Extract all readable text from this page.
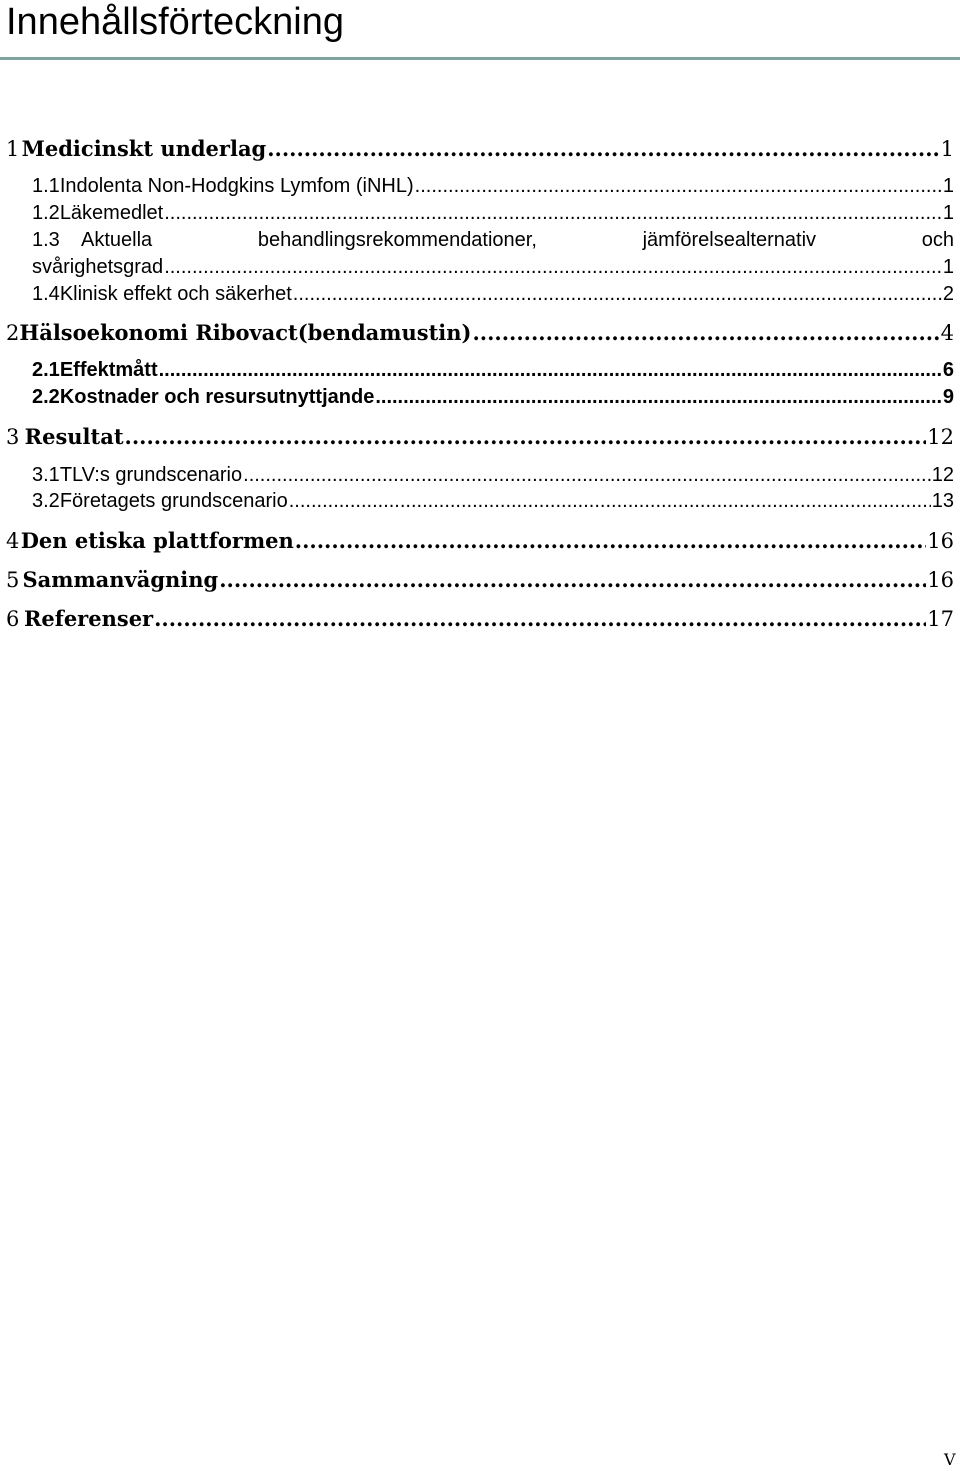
Innehållsförteckning
1 Medicinskt underlag .....	1
1.1 Indolenta Non-Hodgkins Lymfom (iNHL) .....	1
1.2 Läkemedlet .....	1
1.3	Aktuella	behandlingsrekommendationer,	jämförelsealternativ	och
svårighetsgrad .....	1
1.4 Klinisk effekt och säkerhet .....	2
2 Hälsoekonomi Ribovact(bendamustin) .....	4
2.1 Effektmått .....	6
2.2 Kostnader och resursutnyttjande .....	9
3 Resultat .....	12
3.1 TLV:s grundscenario .....	12
3.2 Företagets grundscenario .....	13
4 Den etiska plattformen .....	16
5 Sammanvägning .....	16
6 Referenser .....	17
V
